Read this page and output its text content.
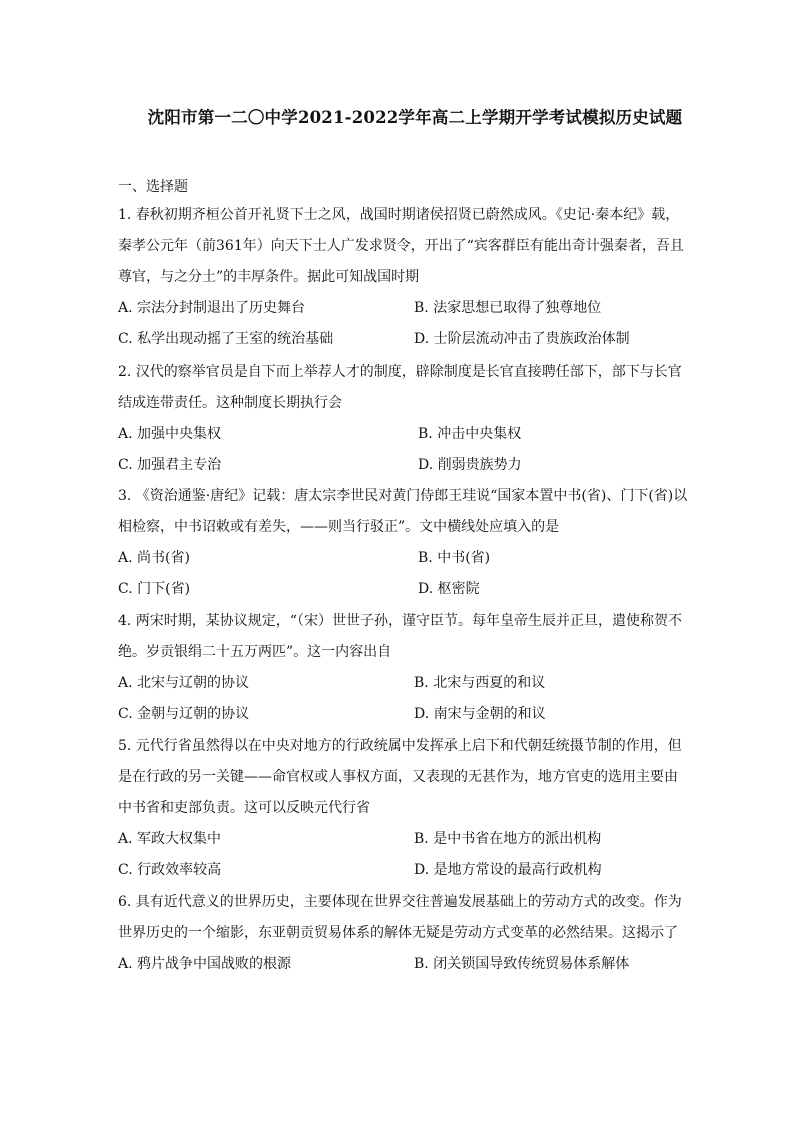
沈阳市第一二〇中学2021-2022学年高二上学期开学考试模拟历史试题
一、选择题

1. 春秋初期齐桓公首开礼贤下士之风，战国时期诸侯招贤已蔚然成风。《史记·秦本纪》载，秦孝公元年（前361年）向天下士人广发求贤令，开出了“宾客群臣有能出奇计强秦者，吾且尊官，与之分土”的丰厚条件。据此可知战国时期

A. 宗法分封制退出了历史舞台	B. 法家思想已取得了独尊地位
C. 私学出现动摇了王室的统治基础	D. 士阶层流动冲击了贵族政治体制

2. 汉代的察举官员是自下而上举荐人才的制度，辟除制度是长官直接聘任部下，部下与长官结成连带责任。这种制度长期执行会

A. 加强中央集权	B. 冲击中央集权
C. 加强君主专治	D. 削弱贵族势力

3. 《资治通鉴·唐纪》记载：唐太宗李世民对黄门侍郎王珪说“国家本置中书(省)、门下(省)以相检察，中书诏敕或有差失，——则当行驳正”。文中横线处应填入的是

A. 尚书(省)	B. 中书(省)
C. 门下(省)	D. 枢密院

4. 两宋时期，某协议规定，“（宋）世世子孙，谨守臣节。每年皇帝生辰并正旦，遣使称贺不绝。岁贡银绢二十五万两匹”。这一内容出自

A. 北宋与辽朝的协议	B. 北宋与西夏的和议
C. 金朝与辽朝的协议	D. 南宋与金朝的和议

5. 元代行省虽然得以在中央对地方的行政统属中发挥承上启下和代朝廷统摄节制的作用，但是在行政的另一关键——命官权或人事权方面，又表现的无甚作为，地方官吏的选用主要由中书省和吏部负责。这可以反映元代行省

A. 军政大权集中	B. 是中书省在地方的派出机构
C. 行政效率较高	D. 是地方常设的最高行政机构

6. 具有近代意义的世界历史，主要体现在世界交往普遍发展基础上的劳动方式的改变。作为世界历史的一个缩影，东亚朝贡贸易体系的解体无疑是劳动方式变革的必然结果。这揭示了

A. 鸦片战争中国战败的根源	B. 闭关锁国导致传统贸易体系解体
